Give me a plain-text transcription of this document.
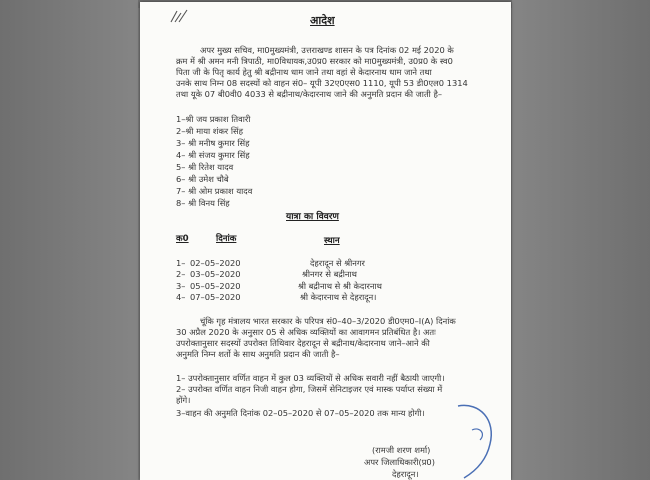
आदेश
अपर मुख्य सचिव, मा0मुख्यमंत्री, उत्तराखण्ड शासन के पत्र दिनांक 02 मई 2020 के
क्रम में श्री अमन मनी त्रिपाठी, मा0विधायक,उ0प्र0 सरकार को मा0मुख्यमंत्री, उ0प्र0 के स्व0
पिता जी के पितृ कार्य हेतु श्री बद्रीनाथ धाम जाने तथा वहां से केदारनाथ धाम जाने तथा
उनके साथ निम्न 08 सदस्यों को वाहन सं0– यूपी 32ए0एस0 1110, यूपी 53 डी0एल0 1314
तथा यूके 07 बी0वी0 4033 से बद्रीनाथ/केदारनाथ जाने की अनुमति प्रदान की जाती है–
1–श्री जय प्रकाश तिवारी
2–श्री माया शंकर सिंह
3– श्री मनीष कुमार सिंह
4– श्री संजय कुमार सिंह
5– श्री रितेश यादव
6– श्री उमेश चौबे
7– श्री ओम प्रकाश यादव
8– श्री विनय सिंह
यात्रा का विवरण
क0	दिनांक	स्थान
1– 02–05–2020	देहरादून से श्रीनगर
2– 03–05–2020	श्रीनगर से बद्रीनाथ
3– 05–05–2020	श्री बद्रीनाथ से श्री केदारनाथ
4– 07–05–2020	श्री केदारनाथ से देहरादून।
चूंकि गृह मंत्रालय भारत सरकार के परिपत्र सं0–40–3/2020 डी0एम0–I(A) दिनांक
30 अप्रैल 2020 के अनुसार 05 से अधिक व्यक्तियों का आवागमन प्रतिबंधित है। अतः
उपरोक्तानुसार सदस्यों उपरोक्त तिथिवार देहरादून से बद्रीनाथ/केदारनाथ जाने–आने की
अनुमति निम्न शर्तो के साथ अनुमति प्रदान की जाती है–
1– उपरोक्तानुसार वर्णित वाहन में कुल 03 व्यक्तियों से अधिक सवारी नहीं बैठायी जाएगी।
2– उपरोक्त वर्णित वाहन निजी वाहन होगा, जिसमें सेनिटाइजर एवं मास्क पर्याप्त संख्या में
होंगे।
3–वाहन की अनुमति दिनांक 02–05–2020 से 07–05–2020 तक मान्य होगी।
(रामजी शरण शर्मा)
अपर जिलाधिकारी(प्र0)
देहरादून।
